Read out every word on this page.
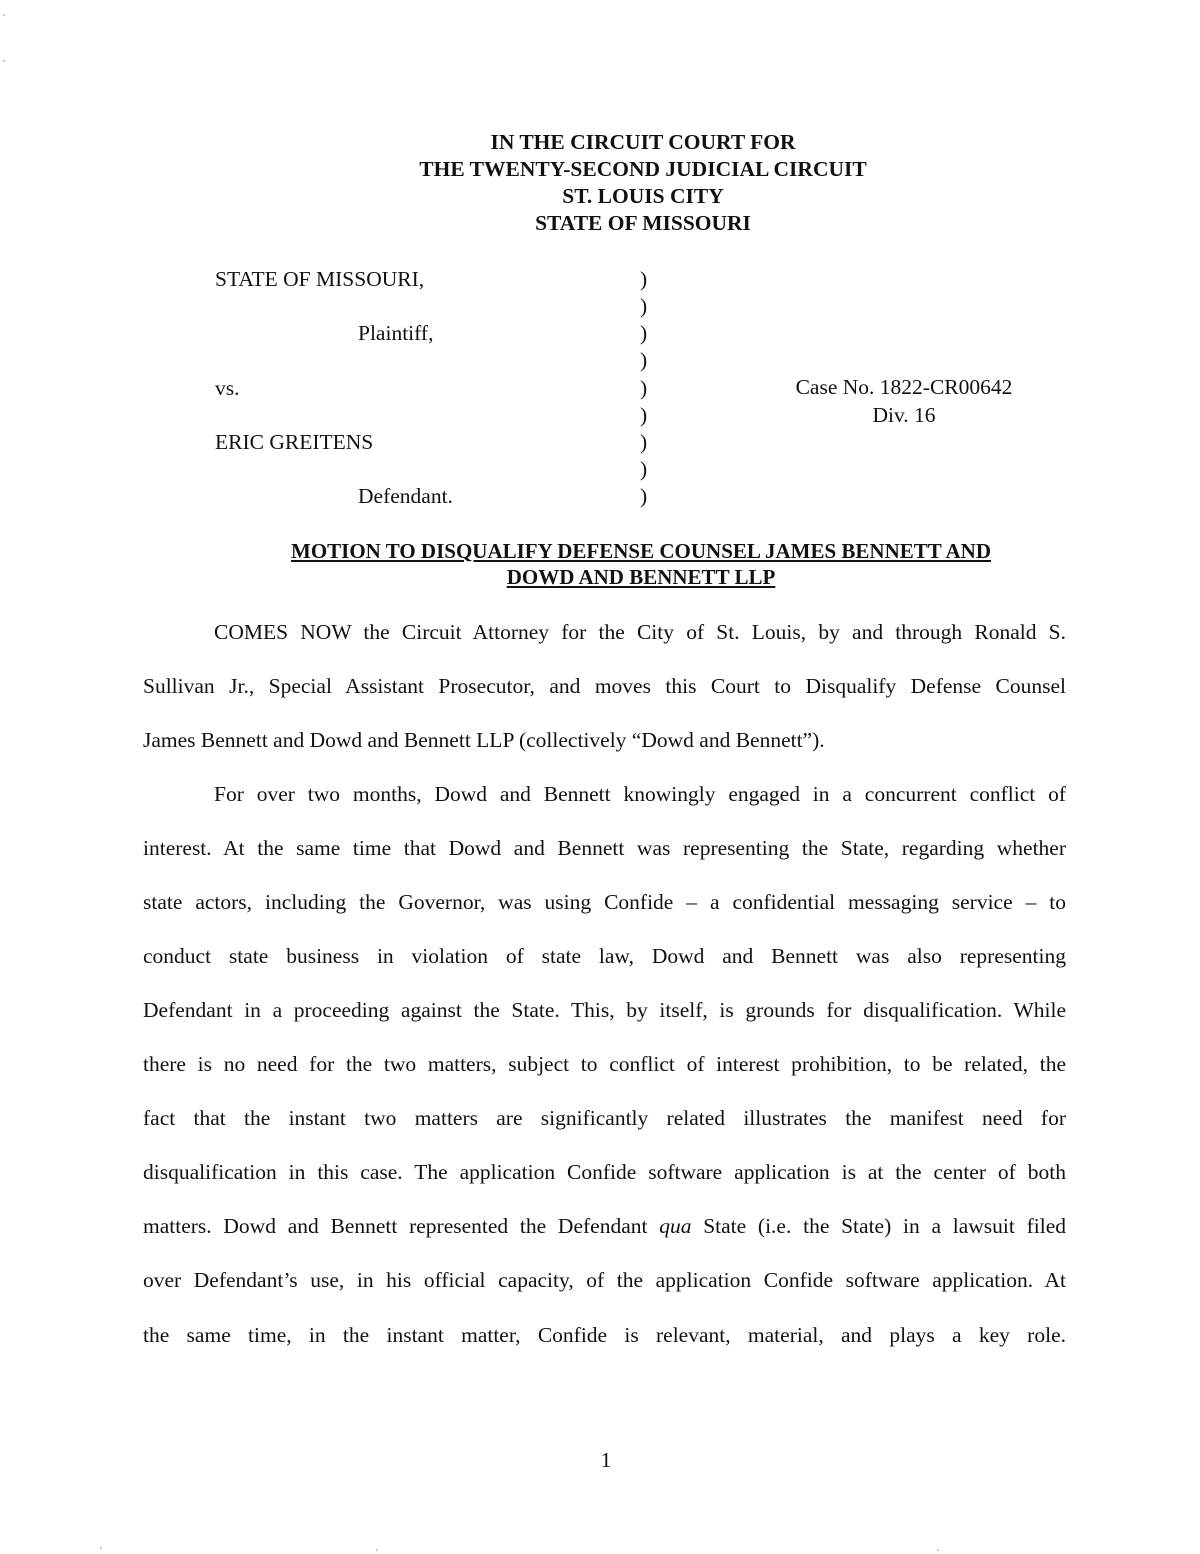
IN THE CIRCUIT COURT FOR
THE TWENTY-SECOND JUDICIAL CIRCUIT
ST. LOUIS CITY
STATE OF MISSOURI
STATE OF MISSOURI,
Plaintiff,
vs.
ERIC GREITENS
Defendant.
)
)
)
)
)
)
)
)
)
Case No. 1822-CR00642
Div. 16
MOTION TO DISQUALIFY DEFENSE COUNSEL JAMES BENNETT AND
DOWD AND BENNETT LLP
COMES NOW the Circuit Attorney for the City of St. Louis, by and through Ronald S.
Sullivan Jr., Special Assistant Prosecutor, and moves this Court to Disqualify Defense Counsel
James Bennett and Dowd and Bennett LLP (collectively “Dowd and Bennett”).
For over two months, Dowd and Bennett knowingly engaged in a concurrent conflict of
interest. At the same time that Dowd and Bennett was representing the State, regarding whether
state actors, including the Governor, was using Confide – a confidential messaging service – to
conduct state business in violation of state law, Dowd and Bennett was also representing
Defendant in a proceeding against the State. This, by itself, is grounds for disqualification. While
there is no need for the two matters, subject to conflict of interest prohibition, to be related, the
fact that the instant two matters are significantly related illustrates the manifest need for
disqualification in this case. The application Confide software application is at the center of both
matters. Dowd and Bennett represented the Defendant qua State (i.e. the State) in a lawsuit filed
over Defendant’s use, in his official capacity, of the application Confide software application. At
the same time, in the instant matter, Confide is relevant, material, and plays a key role.
1
